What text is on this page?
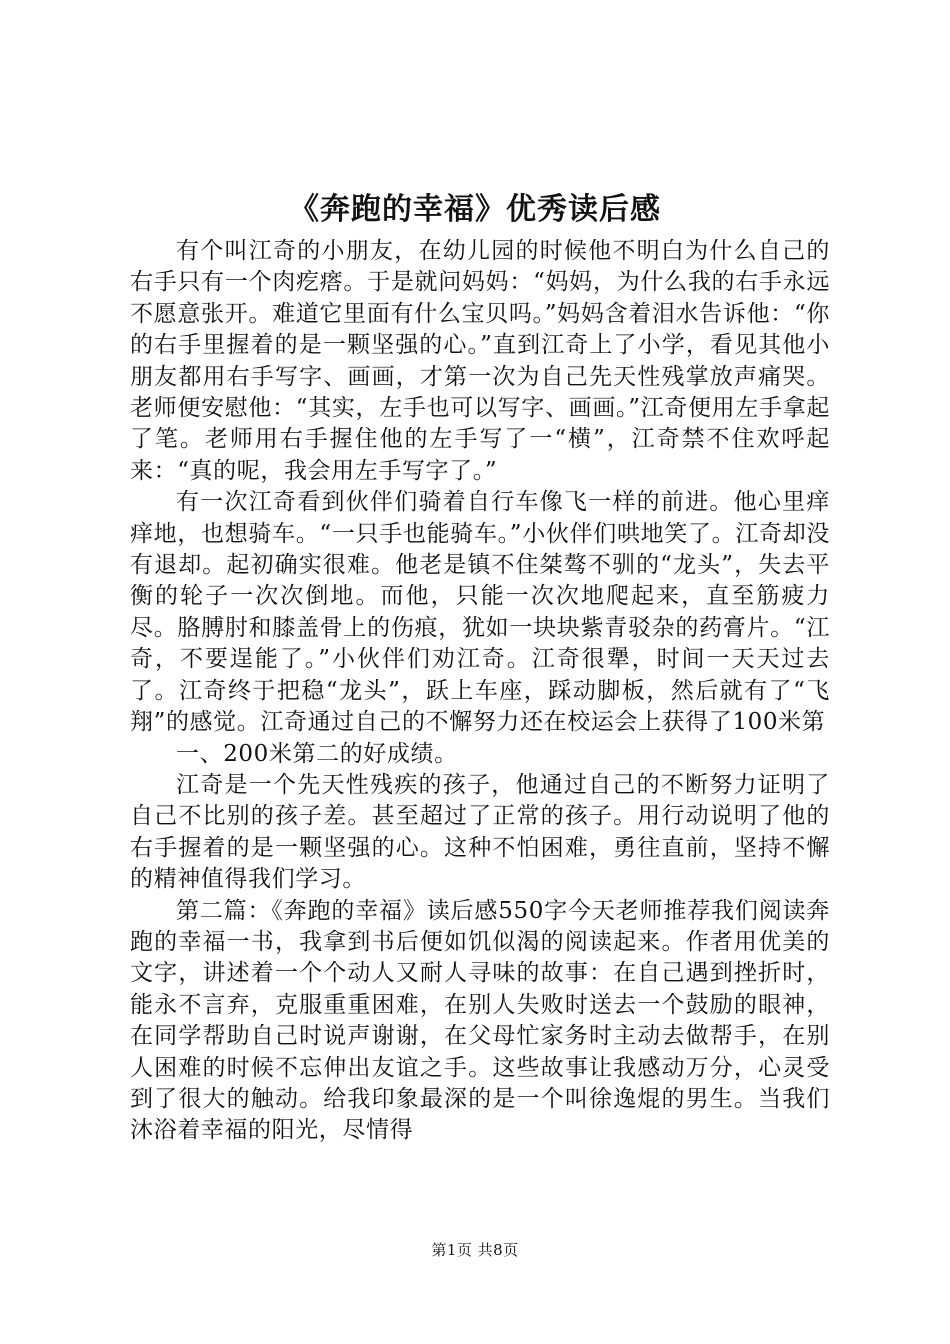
《奔跑的幸福》优秀读后感

有个叫江奇的小朋友，在幼儿园的时候他不明白为什么自己的右手只有一个肉疙瘩。于是就问妈妈：“妈妈，为什么我的右手永远不愿意张开。难道它里面有什么宝贝吗。”妈妈含着泪水告诉他：“你的右手里握着的是一颗坚强的心。”直到江奇上了小学，看见其他小朋友都用右手写字、画画，才第一次为自己先天性残掌放声痛哭。老师便安慰他：“其实，左手也可以写字、画画。”江奇便用左手拿起了笔。老师用右手握住他的左手写了一“横”，江奇禁不住欢呼起来：“真的呢，我会用左手写字了。”

有一次江奇看到伙伴们骑着自行车像飞一样的前进。他心里痒痒地，也想骑车。“一只手也能骑车。”小伙伴们哄地笑了。江奇却没有退却。起初确实很难。他老是镇不住桀骜不驯的“龙头”，失去平衡的轮子一次次倒地。而他，只能一次次地爬起来，直至筋疲力尽。胳膊肘和膝盖骨上的伤痕，犹如一块块紫青驳杂的药膏片。“江奇，不要逞能了。”小伙伴们劝江奇。江奇很犟，时间一天天过去了。江奇终于把稳“龙头”，跃上车座，踩动脚板，然后就有了“飞翔”的感觉。江奇通过自己的不懈努力还在校运会上获得了100米第

一、200米第二的好成绩。

江奇是一个先天性残疾的孩子，他通过自己的不断努力证明了自己不比别的孩子差。甚至超过了正常的孩子。用行动说明了他的右手握着的是一颗坚强的心。这种不怕困难，勇往直前，坚持不懈的精神值得我们学习。

第二篇：《奔跑的幸福》读后感550字今天老师推荐我们阅读奔跑的幸福一书，我拿到书后便如饥似渴的阅读起来。作者用优美的文字，讲述着一个个动人又耐人寻味的故事：在自己遇到挫折时，能永不言弃，克服重重困难，在别人失败时送去一个鼓励的眼神，在同学帮助自己时说声谢谢，在父母忙家务时主动去做帮手，在别人困难的时候不忘伸出友谊之手。这些故事让我感动万分，心灵受到了很大的触动。给我印象最深的是一个叫徐逸焜的男生。当我们沐浴着幸福的阳光，尽情得

第1页 共8页
